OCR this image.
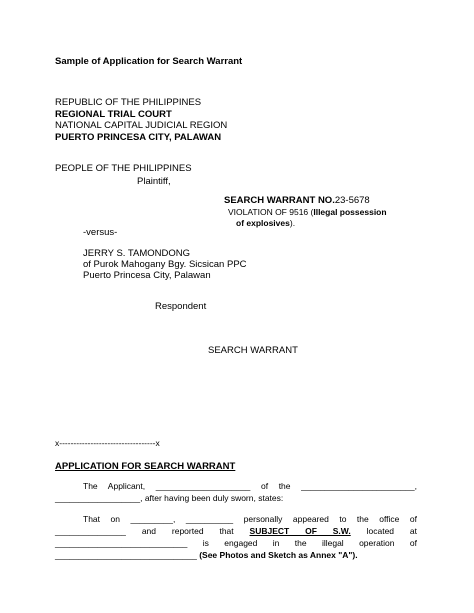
Sample of Application for Search Warrant
REPUBLIC OF THE PHILIPPINES
REGIONAL TRIAL COURT
NATIONAL CAPITAL JUDICIAL REGION
PUERTO PRINCESA CITY, PALAWAN
PEOPLE OF THE PHILIPPINES
Plaintiff,
SEARCH WARRANT NO.23-5678
VIOLATION OF 9516 (Illegal possession
of explosives).
-versus-
JERRY S. TAMONDONG
of Purok Mahogany Bgy. Sicsican PPC
Puerto Princesa City, Palawan
Respondent
SEARCH WARRANT
x----------------------------------x
APPLICATION FOR SEARCH WARRANT
The Applicant, ____________________ of the ________________________,
__________________, after having been duly sworn, states:
That on _________, __________ personally appeared to the office of
_______________ and reported that SUBJECT OF S.W. located at
____________________________ is engaged in the illegal operation of
______________________________ (See Photos and Sketch as Annex "A").
